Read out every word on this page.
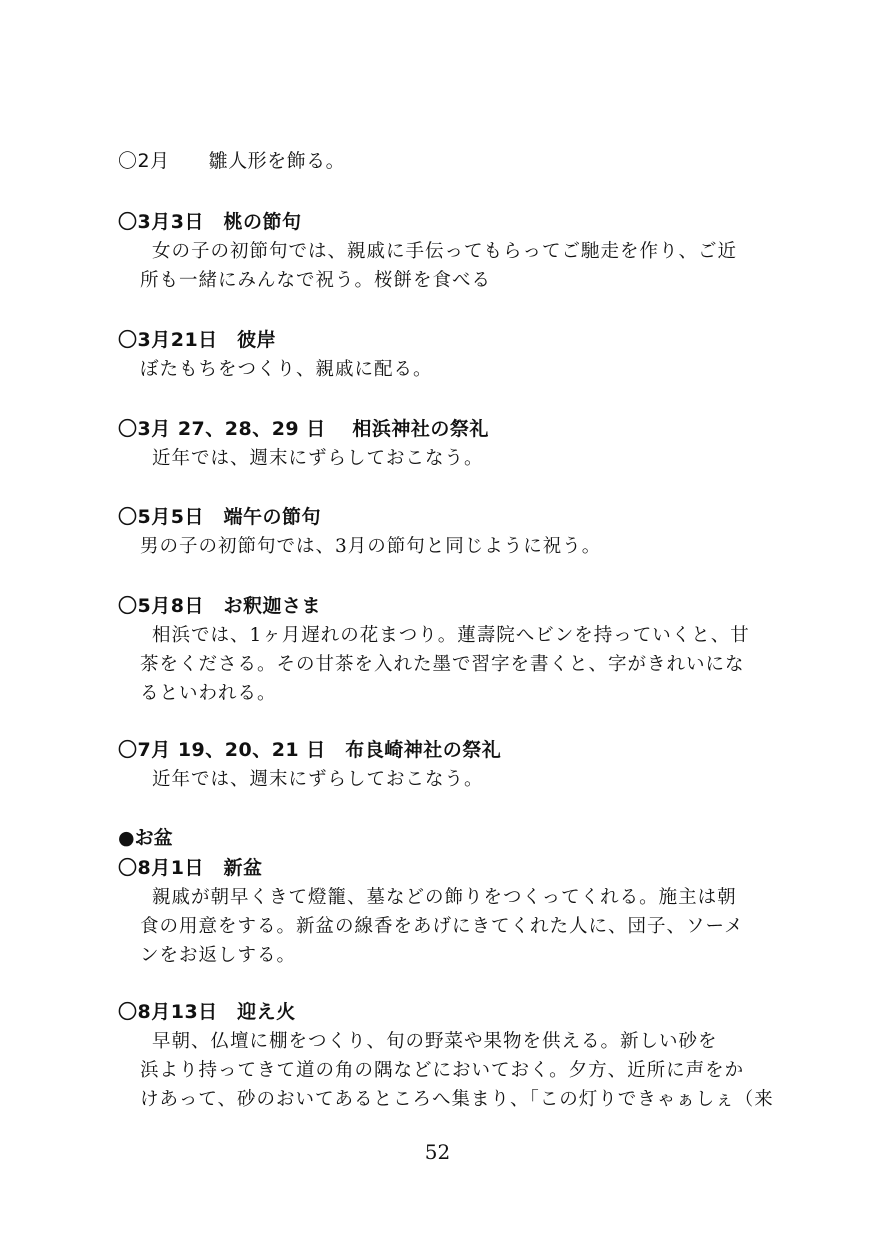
〇2月　　雛人形を飾る。
〇3月3日　桃の節句
女の子の初節句では、親戚に手伝ってもらってご馳走を作り、ご近
所も一緒にみんなで祝う。桜餅を食べる
〇3月21日　彼岸
ぼたもちをつくり、親戚に配る。
〇3月 27、28、29 日　 相浜神社の祭礼
近年では、週末にずらしておこなう。
〇5月5日　端午の節句
男の子の初節句では、3月の節句と同じように祝う。
〇5月8日　お釈迦さま
相浜では、1ヶ月遅れの花まつり。蓮壽院へビンを持っていくと、甘
茶をくださる。その甘茶を入れた墨で習字を書くと、字がきれいにな
るといわれる。
〇7月 19、20、21 日　布良崎神社の祭礼
近年では、週末にずらしておこなう。
●お盆
〇8月1日　新盆
親戚が朝早くきて燈籠、墓などの飾りをつくってくれる。施主は朝
食の用意をする。新盆の線香をあげにきてくれた人に、団子、ソーメ
ンをお返しする。
〇8月13日　迎え火
早朝、仏壇に棚をつくり、旬の野菜や果物を供える。新しい砂を
浜より持ってきて道の角の隅などにおいておく。夕方、近所に声をか
けあって、砂のおいてあるところへ集まり、「この灯りできゃぁしぇ（来
52
